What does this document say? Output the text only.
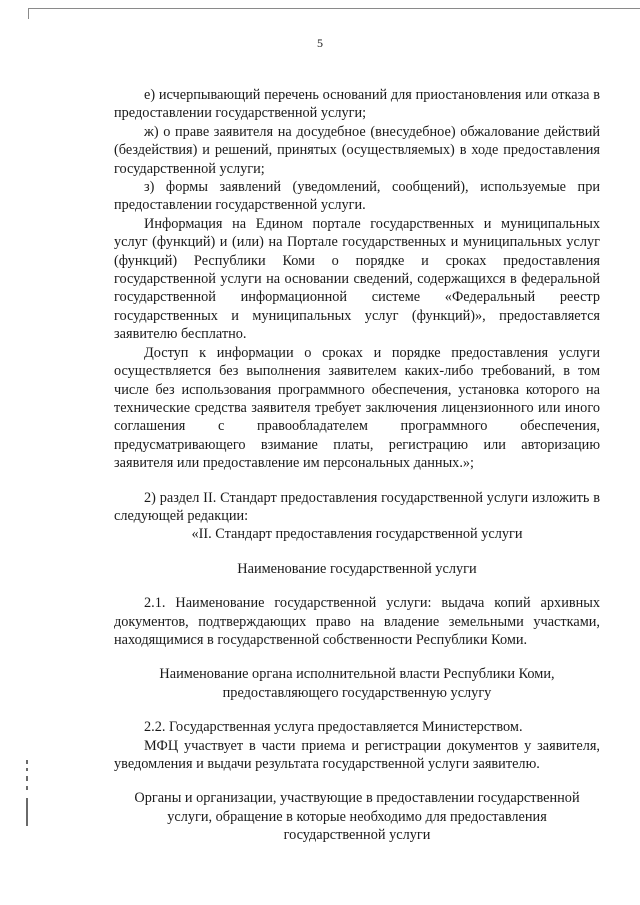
5

е) исчерпывающий перечень оснований для приостановления или отказа в предоставлении государственной услуги;

ж) о праве заявителя на досудебное (внесудебное) обжалование действий (бездействия) и решений, принятых (осуществляемых) в ходе предоставления государственной услуги;

з) формы заявлений (уведомлений, сообщений), используемые при предоставлении государственной услуги.

Информация на Едином портале государственных и муниципальных услуг (функций) и (или) на Портале государственных и муниципальных услуг (функций) Республики Коми о порядке и сроках предоставления государственной услуги на основании сведений, содержащихся в федеральной государственной информационной системе «Федеральный реестр государственных и муниципальных услуг (функций)», предоставляется заявителю бесплатно.

Доступ к информации о сроках и порядке предоставления услуги осуществляется без выполнения заявителем каких-либо требований, в том числе без использования программного обеспечения, установка которого на технические средства заявителя требует заключения лицензионного или иного соглашения с правообладателем программного обеспечения, предусматривающего взимание платы, регистрацию или авторизацию заявителя или предоставление им персональных данных.»;

2) раздел II. Стандарт предоставления государственной услуги изложить в следующей редакции:

«II. Стандарт предоставления государственной услуги

Наименование государственной услуги

2.1. Наименование государственной услуги: выдача копий архивных документов, подтверждающих право на владение земельными участками, находящимися в государственной собственности Республики Коми.

Наименование органа исполнительной власти Республики Коми, предоставляющего государственную услугу

2.2. Государственная услуга предоставляется Министерством.

МФЦ участвует в части приема и регистрации документов у заявителя, уведомления и выдачи результата государственной услуги заявителю.

Органы и организации, участвующие в предоставлении государственной услуги, обращение в которые необходимо для предоставления государственной услуги
